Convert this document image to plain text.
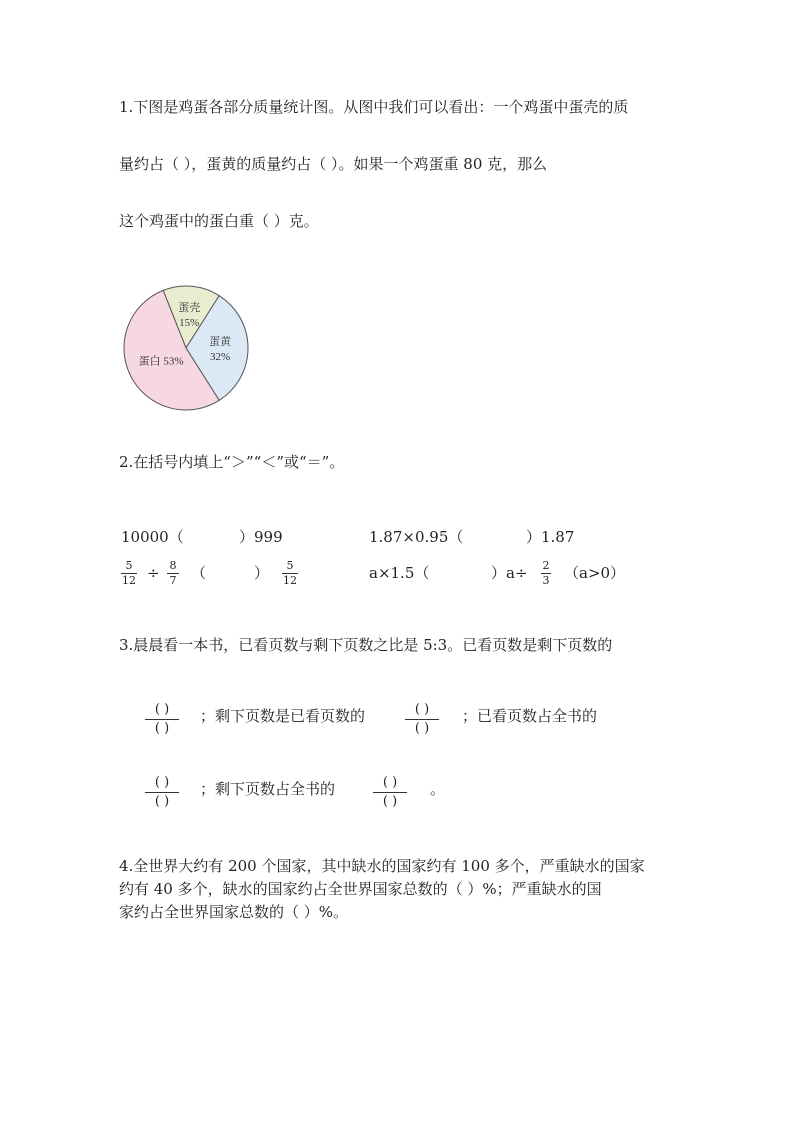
1.下图是鸡蛋各部分质量统计图。从图中我们可以看出：一个鸡蛋中蛋壳的质
量约占（ ），蛋黄的质量约占（ ）。如果一个鸡蛋重 80 克，那么
这个鸡蛋中的蛋白重（ ）克。
蛋壳
15%
蛋黄
32%
蛋白 53%
2.在括号内填上“＞”“＜”或“＝”。
10000（	）999	1.87×0.95（	）1.87
$\frac{5}{12} \div \frac{8}{7}$ （	） $\frac{5}{12}$	a×1.5（	）$a\div \frac{2}{3} (a>0)$
3.晨晨看一本书，已看页数与剩下页数之比是 5:3。已看页数是剩下页数的
( )
( )
；剩下页数是已看页数的	( )
( )
；已看页数占全书的
( )
( )
；剩下页数占全书的	( )
( )
。
4.全世界大约有 200 个国家，其中缺水的国家约有 100 多个，严重缺水的国家
约有 40 多个，缺水的国家约占全世界国家总数的（ ）%；严重缺水的国
家约占全世界国家总数的（ ）%。
